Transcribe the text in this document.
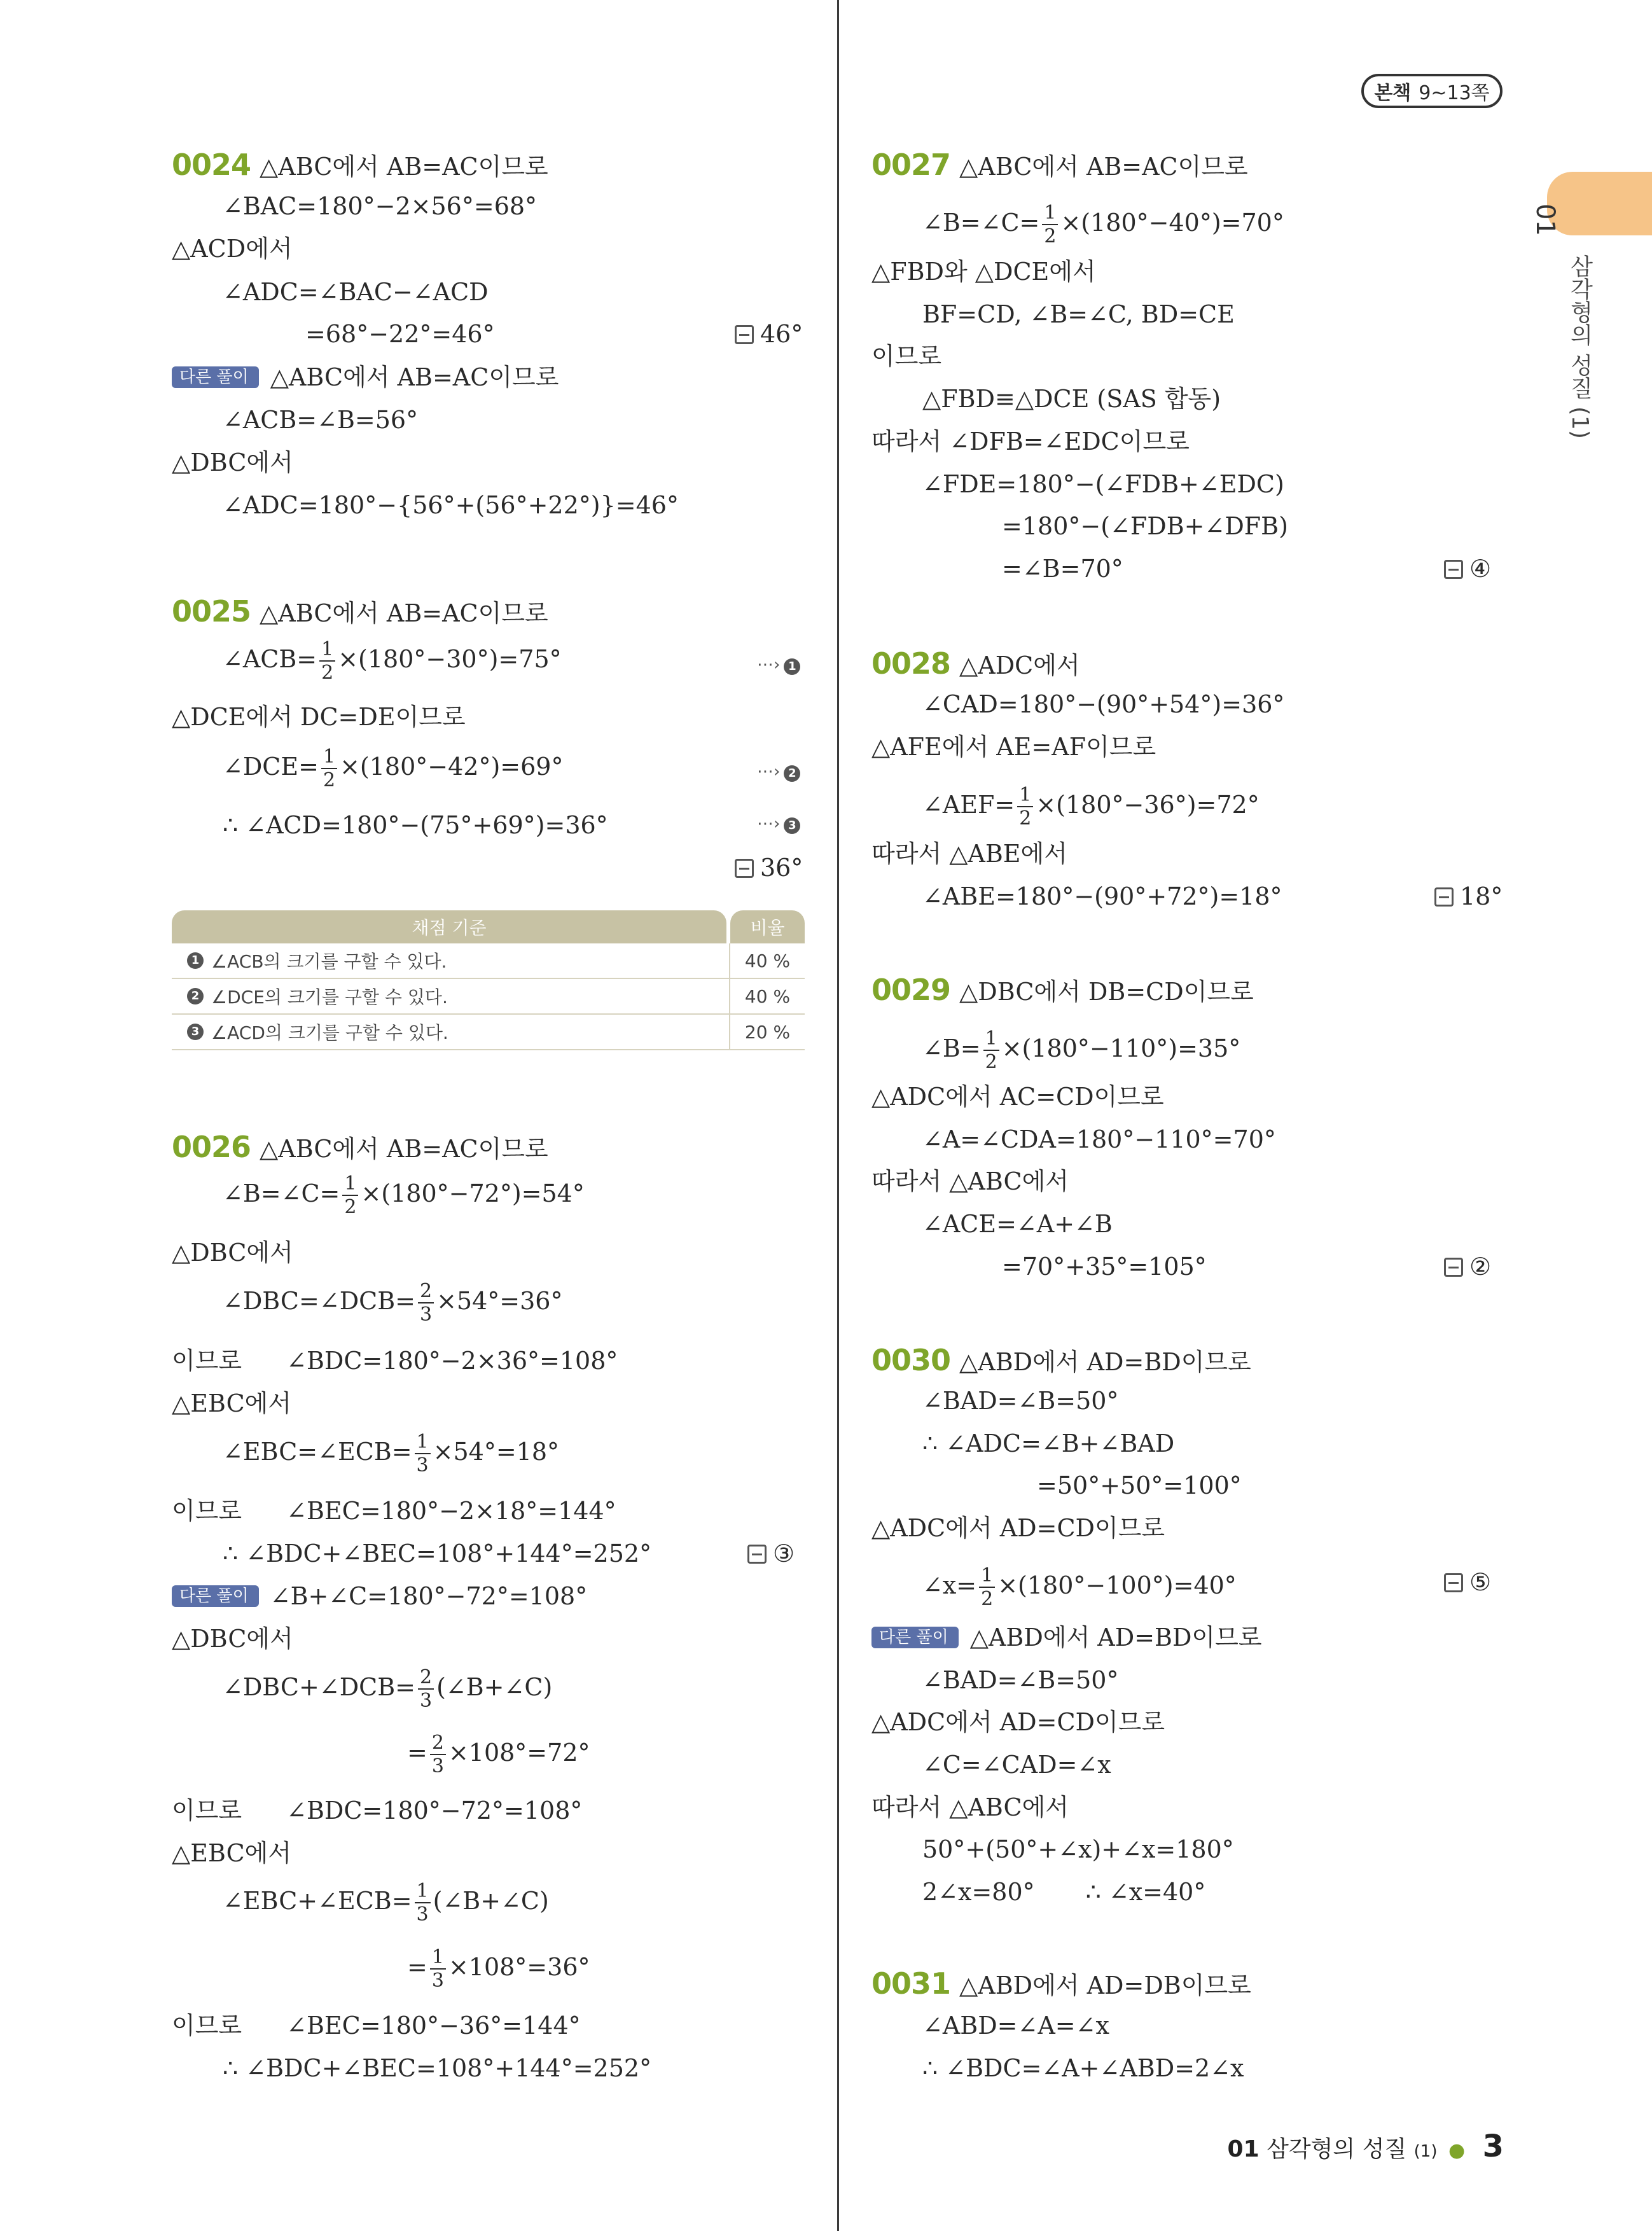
본책 9~13쪽
01
삼각형의 성질 (1)
0024 △ABC에서 AB=AC이므로
∠BAC=180°−2×56°=68°
△ACD에서
∠ADC=∠BAC−∠ACD
=68°−22°=46°	46°
다른 풀이 △ABC에서 AB=AC이므로
∠ACB=∠B=56°
△DBC에서
∠ADC=180°−{56°+(56°+22°)}=46°
0025 △ABC에서 AB=AC이므로
∠ACB= $\frac{1}{2} \times(180^\circ-30^\circ)=75^\circ$	⋯› 1
△DCE에서 DC=DE이므로
∠DCE= $\frac{1}{2} \times(180^\circ-42^\circ)=69^\circ$	⋯› 2
∴ ∠ACD=180°−(75°+69°)=36°	⋯› 3
36°
채점 기준	비율
1 ∠ACB의 크기를 구할 수 있다.	40 %
2 ∠DCE의 크기를 구할 수 있다.	40 %
3 ∠ACD의 크기를 구할 수 있다.	20 %
0026 △ABC에서 AB=AC이므로
∠B=∠C= $\frac{1}{2} \times(180^\circ-72^\circ)=54^\circ$
△DBC에서
∠DBC=∠DCB= $\frac{2}{3} \times 54^\circ=36^\circ$
이므로 ∠BDC=180°−2×36°=108°
△EBC에서
∠EBC=∠ECB= $\frac{1}{3} \times 54^\circ=18^\circ$
이므로 ∠BEC=180°−2×18°=144°
∴ ∠BDC+∠BEC=108°+144°=252°	③
다른 풀이 ∠B+∠C=180°−72°=108°
△DBC에서
∠DBC+∠DCB= $\frac{2}{3}$ (∠B+∠C)
= $\frac{2}{3} \times 108^\circ=72^\circ$
이므로 ∠BDC=180°−72°=108°
△EBC에서
∠EBC+∠ECB= $\frac{1}{3}$ (∠B+∠C)
= $\frac{1}{3} \times 108^\circ=36^\circ$
이므로 ∠BEC=180°−36°=144°
∴ ∠BDC+∠BEC=108°+144°=252°
0027 △ABC에서 AB=AC이므로
∠B=∠C= $\frac{1}{2} \times(180^\circ-40^\circ)=70^\circ$
△FBD와 △DCE에서
BF=CD, ∠B=∠C, BD=CE
이므로
△FBD≡△DCE (SAS 합동)
따라서 ∠DFB=∠EDC이므로
∠FDE=180°−(∠FDB+∠EDC)
=180°−(∠FDB+∠DFB)
=∠B=70°	④
0028 △ADC에서
∠CAD=180°−(90°+54°)=36°
△AFE에서 AE=AF이므로
∠AEF= $\frac{1}{2} \times(180^\circ-36^\circ)=72^\circ$
따라서 △ABE에서
∠ABE=180°−(90°+72°)=18°	18°
0029 △DBC에서 DB=CD이므로
∠B= $\frac{1}{2} \times(180^\circ-110^\circ)=35^\circ$
△ADC에서 AC=CD이므로
∠A=∠CDA=180°−110°=70°
따라서 △ABC에서
∠ACE=∠A+∠B
=70°+35°=105°	②
0030 △ABD에서 AD=BD이므로
∠BAD=∠B=50°
∴ ∠ADC=∠B+∠BAD
=50°+50°=100°
△ADC에서 AD=CD이므로
∠x= $\frac{1}{2} \times(180^\circ-100^\circ)=40^\circ$	⑤
다른 풀이 △ABD에서 AD=BD이므로
∠BAD=∠B=50°
△ADC에서 AD=CD이므로
∠C=∠CAD=∠x
따라서 △ABC에서
50°+(50°+∠x)+∠x=180°
2∠x=80° ∴ ∠x=40°
0031 △ABD에서 AD=DB이므로
∠ABD=∠A=∠x
∴ ∠BDC=∠A+∠ABD=2∠x
01 삼각형의 성질 (1) ● 3
